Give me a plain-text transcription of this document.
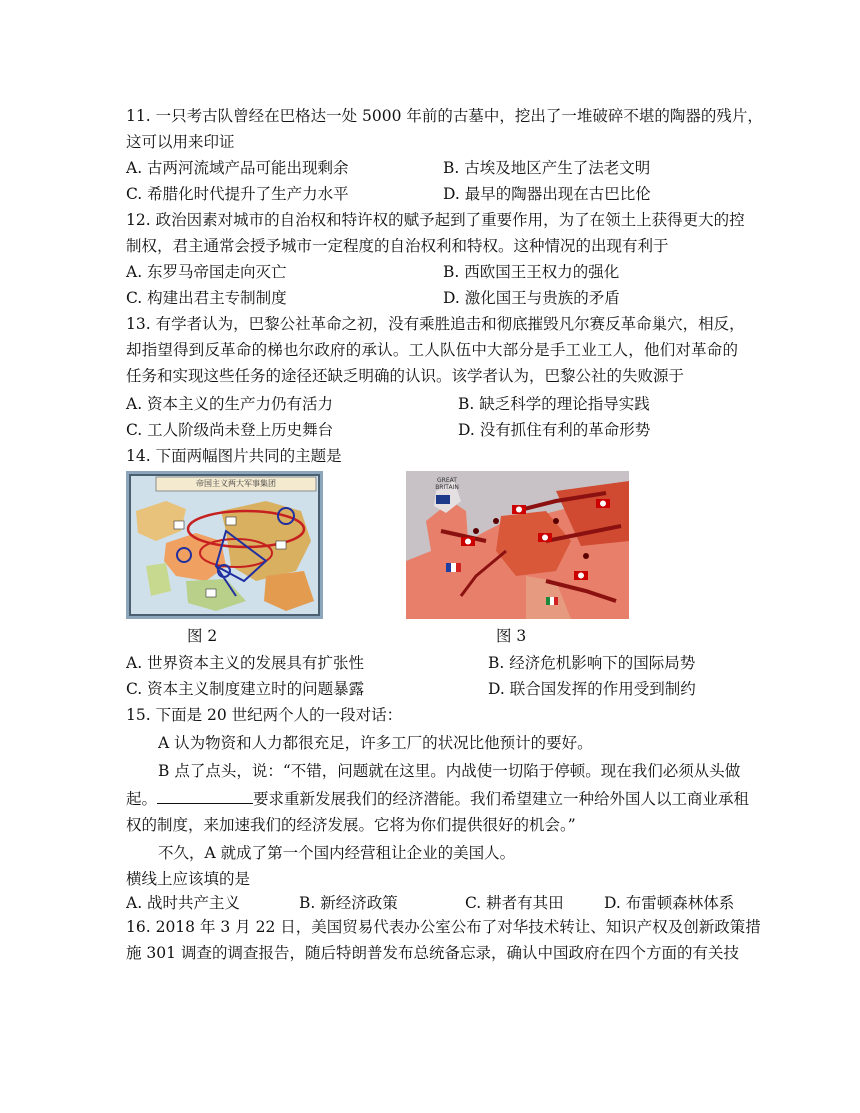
11. 一只考古队曾经在巴格达一处 5000 年前的古墓中，挖出了一堆破碎不堪的陶器的残片，
这可以用来印证
A. 古两河流域产品可能出现剩余	B. 古埃及地区产生了法老文明
C. 希腊化时代提升了生产力水平	D. 最早的陶器出现在古巴比伦
12. 政治因素对城市的自治权和特许权的赋予起到了重要作用，为了在领土上获得更大的控
制权，君主通常会授予城市一定程度的自治权利和特权。这种情况的出现有利于
A. 东罗马帝国走向灭亡	B. 西欧国王王权力的强化
C. 构建出君主专制制度	D. 激化国王与贵族的矛盾
13. 有学者认为，巴黎公社革命之初，没有乘胜追击和彻底摧毁凡尔赛反革命巢穴，相反，
却指望得到反革命的梯也尔政府的承认。工人队伍中大部分是手工业工人，他们对革命的
任务和实现这些任务的途径还缺乏明确的认识。该学者认为，巴黎公社的失败源于
A. 资本主义的生产力仍有活力	B. 缺乏科学的理论指导实践
C. 工人阶级尚未登上历史舞台	D. 没有抓住有利的革命形势
14. 下面两幅图片共同的主题是
帝国主义两大军事集团	GREAT BRITAIN
图 2	图 3
A. 世界资本主义的发展具有扩张性	B. 经济危机影响下的国际局势
C. 资本主义制度建立时的问题暴露	D. 联合国发挥的作用受到制约
15. 下面是 20 世纪两个人的一段对话：
A 认为物资和人力都很充足，许多工厂的状况比他预计的要好。
B 点了点头，说：“不错，问题就在这里。内战使一切陷于停顿。现在我们必须从头做
起。	要求重新发展我们的经济潜能。我们希望建立一种给外国人以工商业承租
权的制度，来加速我们的经济发展。它将为你们提供很好的机会。”
不久，A 就成了第一个国内经营租让企业的美国人。
横线上应该填的是
A. 战时共产主义	B. 新经济政策	C. 耕者有其田	D. 布雷顿森林体系
16. 2018 年 3 月 22 日，美国贸易代表办公室公布了对华技术转让、知识产权及创新政策措
施 301 调查的调查报告，随后特朗普发布总统备忘录，确认中国政府在四个方面的有关技
